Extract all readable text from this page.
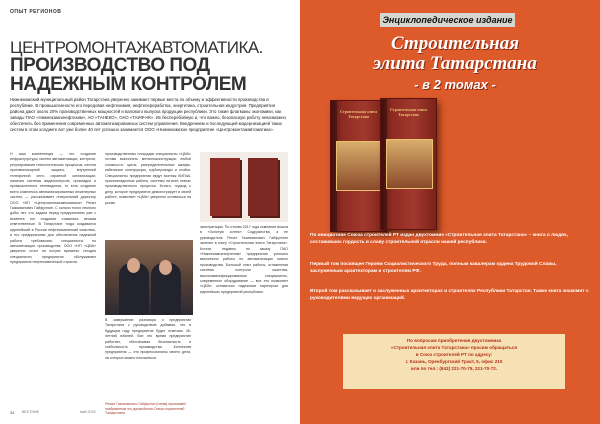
ОПЫТ РЕГИОНОВ
ЦЕНТРОМОНТАЖАВТОМАТИКА.
ПРОИЗВОДСТВО ПОД
НАДЕЖНЫМ КОНТРОЛЕМ
Нижнекамский муниципальный район Татарстана уверенно занимает первые места по объему и эффективности производства в республике. В промышленности его передовая нефтехимия, нефтепереработка, энергетика, строительная индустрия. Предприятия района дают около 20% производственных мощностей и валового выпуска продукции республики. Это такие флагманы экономики, как заводы ПАО «Нижнекамскнефтехим», АО «ТАНЕКО», ОАО «ТАИФ-НК». Их бесперебойную и, что важно, безопасную работу невозможно обеспечить без применения современных автоматизированных систем управления. Внедрением и последующей модернизацией таких систем в этом холдинге вот уже более 40 лет успешно занимается ООО «Нижнекамское предприятие «Центромонтажавтоматика».
Н аша компетенция — это создание инфраструктуры систем автоматизации, контроля, регулирования технологических процессов, систем противопожарной защиты, внутренней телефонной сети, охранной сигнализации, наличия системы видеоконтроля, прокладка и промышленного телевидения, то есть создание всего комплекса автоматизированных инженерных систем, — рассказывает генеральный директор ООО «НП «Центромонтажавтоматика» Ренат Газимзянович Гайфуллин. С сильно точно немного добы лет, что задачи перед предприятием уже с момента его создания ставились весьма ответственные. В Татарстане тогда создавался крупнейший в России нефтехимический комплекс, и его предприятиям для обеспечения надежной работы требовались специалисты по автоматизации производства. ООО «НП «ЦМА» уверенно стоит на острие времени: сегодня специалисты предприятия обслуживают предприятия нефтехимической отрасли.
производственных площадях специалисты «ЦМА» готовы выполнять металлоконструкции любой сложности: щиты, распределительные шкафы, кабельные конструкции, трубопроводы и стойки. Специалисты предприятия ведут монтаж КИПиА, пусконаладочные работы, системы на всех этапах производственного процесса. Кстати, подход к делу, которое предприятие демонстрирует в своей работе, позволяет «ЦМА» уверенно оставаться на рынке.
В завершение разговора о предприятии Татарстана с руководством добавим, что в будущем году предприятие будет отмечать 45-летний юбилей. Все это время предприятие работает, обеспечивая безопасность и стабильность производства. Коллектив предприятия — это профессионалы своего дела, на которых можно положиться.
Ренат Газимзянович Гайфуллин (слева) принимает поздравления от руководства Союза строителей Татарстана
эксплуатации. По итогам 2017 года компания вошла в «Золотую сотню» Содружества, а ее руководитель Ренат Газимзянович Гайфуллин занесен в книгу «Строительная элита Татарстана». Кстати, недавно по заказу ПАО «Нижнекамскнефтехим» предприятие успешно выполнило работы по автоматизации нового производства. Большой опыт работы, отлаженная система контроля качества, высококвалифицированные специалисты, современное оборудование — все это позволяет «ЦМА» оставаться надежным партнером для крупнейших предприятий республики.
34 ВЕСТНИК	май 2018
Энциклопедическое издание
Строительная
элита Татарстана
- в 2 томах -
Строительная элита Татарстана
Строительная элита Татарстана
По инициативе Союза строителей РТ издан двухтомник «Строительная элита Татарстана» – книга о людях, составивших гордость и славу строительной отрасли нашей республики.
Первый том посвящен Героям Социалистического Труда, полным кавалерам ордена Трудовой Славы, заслуженным архитекторам и строителям РФ.
Второй том рассказывает о заслуженных архитекторах и строителях Республики Татарстан. Также книга знакомит с руководителями ведущих организаций.
По вопросам приобретения двухтомника
«Строительная элита Татарстана» просим обращаться
в Союз строителей РТ по адресу:
г. Казань, Оренбургский Тракт, 5, офис 210
или по тел.: (843) 221-70-75, 221-70-72.
